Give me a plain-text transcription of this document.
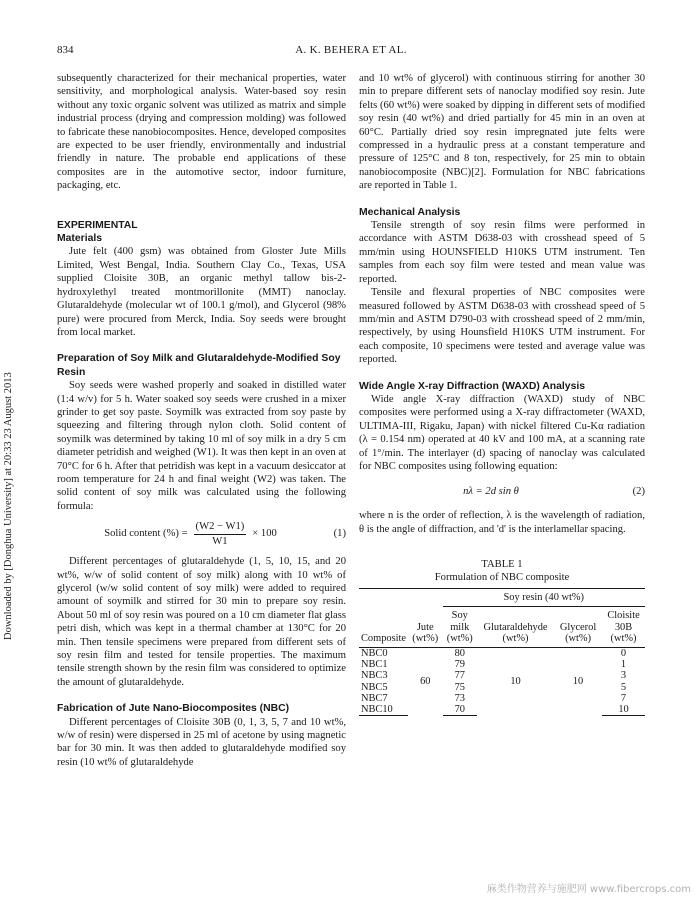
834	A. K. BEHERA ET AL.
Downloaded by [Donghua University] at 20:33 23 August 2013

subsequently characterized for their mechanical properties, water sensitivity, and morphological analysis. Water-based soy resin without any toxic organic solvent was utilized as matrix and simple industrial process (drying and compression molding) was followed to fabricate these nanobiocomposites. Hence, developed composites are expected to be user friendly, environmentally and industrial friendly in nature. The probable end applications of these composites are in the automotive sector, indoor furniture, packaging, etc.

EXPERIMENTAL
Materials

Jute felt (400 gsm) was obtained from Gloster Jute Mills Limited, West Bengal, India. Southern Clay Co., Texas, USA supplied Cloisite 30B, an organic methyl tallow bis-2-hydroxylethyl treated montmorillonite (MMT) nanoclay. Glutaraldehyde (molecular wt of 100.1 g/mol), and Glycerol (98% pure) were procured from Merck, India. Soy seeds were brought from local market.

Preparation of Soy Milk and Glutaraldehyde-Modified Soy Resin

Soy seeds were washed properly and soaked in distilled water (1:4 w/v) for 5 h. Water soaked soy seeds were crushed in a mixer grinder to get soy paste. Soymilk was extracted from soy paste by squeezing and filtering through nylon cloth. Solid content of soymilk was determined by taking 10 ml of soy milk in a dry 5 cm diameter petridish and weighed (W1). It was then kept in an oven at 70°C for 6 h. After that petridish was kept in a vacuum desiccator at room temperature for 24 h and final weight (W2) was taken. The solid content of soy milk was calculated using the following formula:

Solid content (%) = $\frac{(W2 - W1)}{W1} \times 100$	(1)

Different percentages of glutaraldehyde (1, 5, 10, 15, and 20 wt%, w/w of solid content of soy milk) along with 10 wt% of glycerol (w/w solid content of soy milk) were added to required amount of soymilk and stirred for 30 min to prepare soy resin. About 50 ml of soy resin was poured on a 10 cm diameter flat glass petri dish, which was kept in a thermal chamber at 130°C for 20 min. Then tensile specimens were prepared from different sets of soy resin film and tested for tensile properties. The maximum tensile strength shown by the resin film was considered to optimize the amount of glutaraldehyde.

Fabrication of Jute Nano-Biocomposites (NBC)

Different percentages of Cloisite 30B (0, 1, 3, 5, 7 and 10 wt%, w/w of resin) were dispersed in 25 ml of acetone by using magnetic bar for 30 min. It was then added to glutaraldehyde modified soy resin (10 wt% of glutaraldehyde

and 10 wt% of glycerol) with continuous stirring for another 30 min to prepare different sets of nanoclay modified soy resin. Jute felts (60 wt%) were soaked by dipping in different sets of modified soy resin (40 wt%) and dried partially for 45 min in an oven at 60°C. Partially dried soy resin impregnated jute felts were compressed in a hydraulic press at a constant temperature and pressure of 125°C and 8 ton, respectively, for 25 min to obtain nanobiocomposite (NBC)[2]. Formulation for NBC fabrications are reported in Table 1.

Mechanical Analysis

Tensile strength of soy resin films were performed in accordance with ASTM D638-03 with crosshead speed of 5 mm/min using HOUNSFIELD H10KS UTM instrument. Ten samples from each soy film were tested and mean value was reported.

Tensile and flexural properties of NBC composites were measured followed by ASTM D638-03 with crosshead speed of 5 mm/min and ASTM D790-03 with crosshead speed of 2 mm/min, respectively, by using Hounsfield H10KS UTM instrument. For each composite, 10 specimens were tested and average value was reported.

Wide Angle X-ray Diffraction (WAXD) Analysis

Wide angle X-ray diffraction (WAXD) study of NBC composites were performed using a X-ray diffractometer (WAXD, ULTIMA-III, Rigaku, Japan) with nickel filtered Cu-Kα radiation (λ = 0.154 nm) operated at 40 kV and 100 mA, at a scanning rate of 1°/min. The interlayer (d) spacing of nanoclay was calculated for NBC composites using following equation:

nλ = 2d sin θ	(2)

where n is the order of reflection, λ is the wavelength of radiation, θ is the angle of diffraction, and 'd' is the interlamellar spacing.

TABLE 1
Formulation of NBC composite

		Soy resin (40 wt%)			
Composite	Jute (wt%)	Soy milk (wt%)	Glutaraldehyde (wt%)	Glycerol (wt%)	Cloisite 30B (wt%)
NBC0	60	80	10	10	0
NBC1		79			1
NBC3		77			3
NBC5		75			5
NBC7		73			7
NBC10		70			10
麻类作物营养与施肥网 www.fibercrops.com
